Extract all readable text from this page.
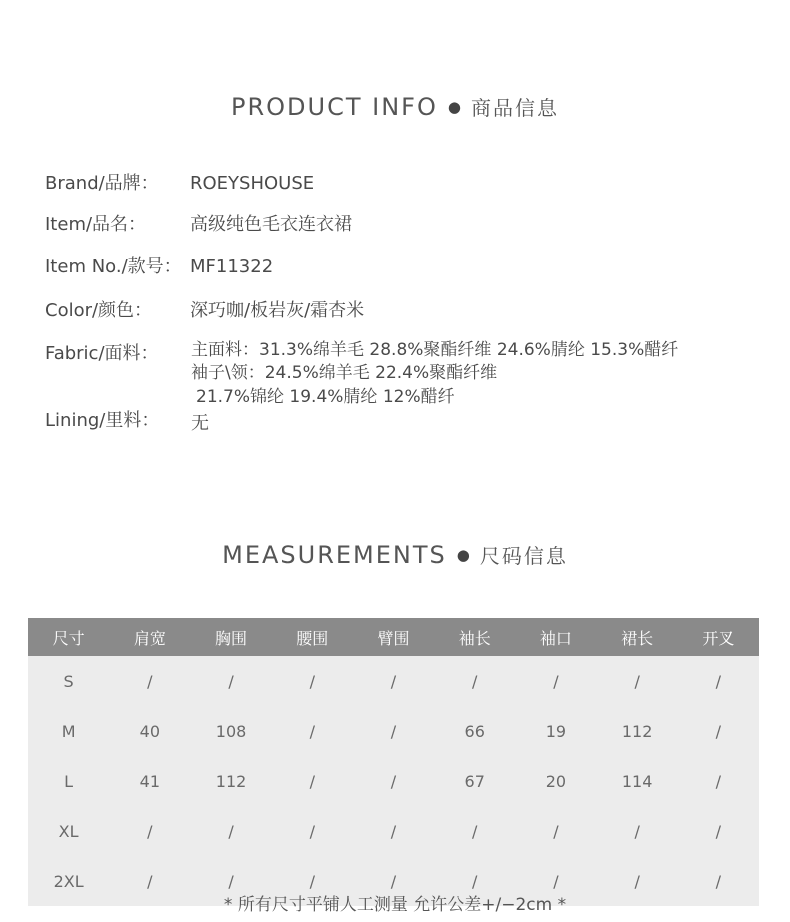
PRODUCT INFO ● 商品信息
Brand/品牌： ROEYSHOUSE
Item/品名： 高级纯色毛衣连衣裙
Item No./款号： MF11322
Color/颜色： 深巧咖/板岩灰/霜杏米
Fabric/面料：	主面料：31.3%绵羊毛 28.8%聚酯纤维 24.6%腈纶 15.3%醋纤
袖子\领：24.5%绵羊毛 22.4%聚酯纤维
21.7%锦纶 19.4%腈纶 12%醋纤
Lining/里料： 无
MEASUREMENTS ● 尺码信息
尺寸	肩宽	胸围	腰围	臂围	袖长	袖口	裙长	开叉
S	/	/	/	/	/	/	/	/
M	40	108	/	/	66	19	112	/
L	41	112	/	/	67	20	114	/
XL	/	/	/	/	/	/	/	/
2XL	/	/	/	/	/	/	/	/
* 所有尺寸平铺人工测量 允许公差+/−2cm *
